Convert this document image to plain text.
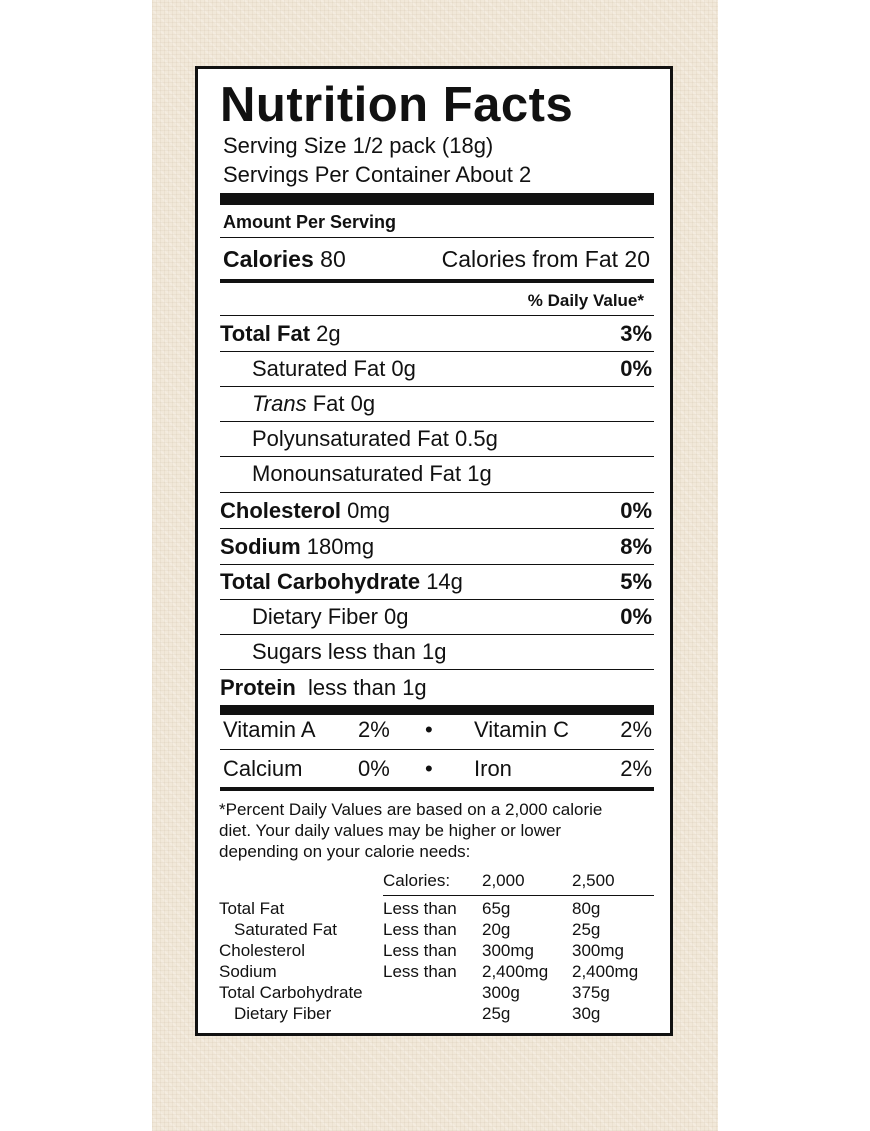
Nutrition Facts
Serving Size 1/2 pack (18g)
Servings Per Container About 2
Amount Per Serving
Calories 80	Calories from Fat 20
% Daily Value*
Total Fat 2g	3%
Saturated Fat 0g	0%
Trans Fat 0g
Polyunsaturated Fat 0.5g
Monounsaturated Fat 1g
Cholesterol 0mg	0%
Sodium 180mg	8%
Total Carbohydrate 14g	5%
Dietary Fiber 0g	0%
Sugars less than 1g
Protein less than 1g
Vitamin A 2% • Vitamin C 2%
Calcium	0% • Iron	2%
*Percent Daily Values are based on a 2,000 calorie
diet. Your daily values may be higher or lower
depending on your calorie needs:
Calories: 2,000	2,500
Total Fat	Less than 65g	80g
Saturated Fat	Less than 20g	25g
Cholesterol	Less than 300mg 300mg
Sodium	Less than 2,400mg 2,400mg
Total Carbohydrate	300g	375g
Dietary Fiber	25g	30g
